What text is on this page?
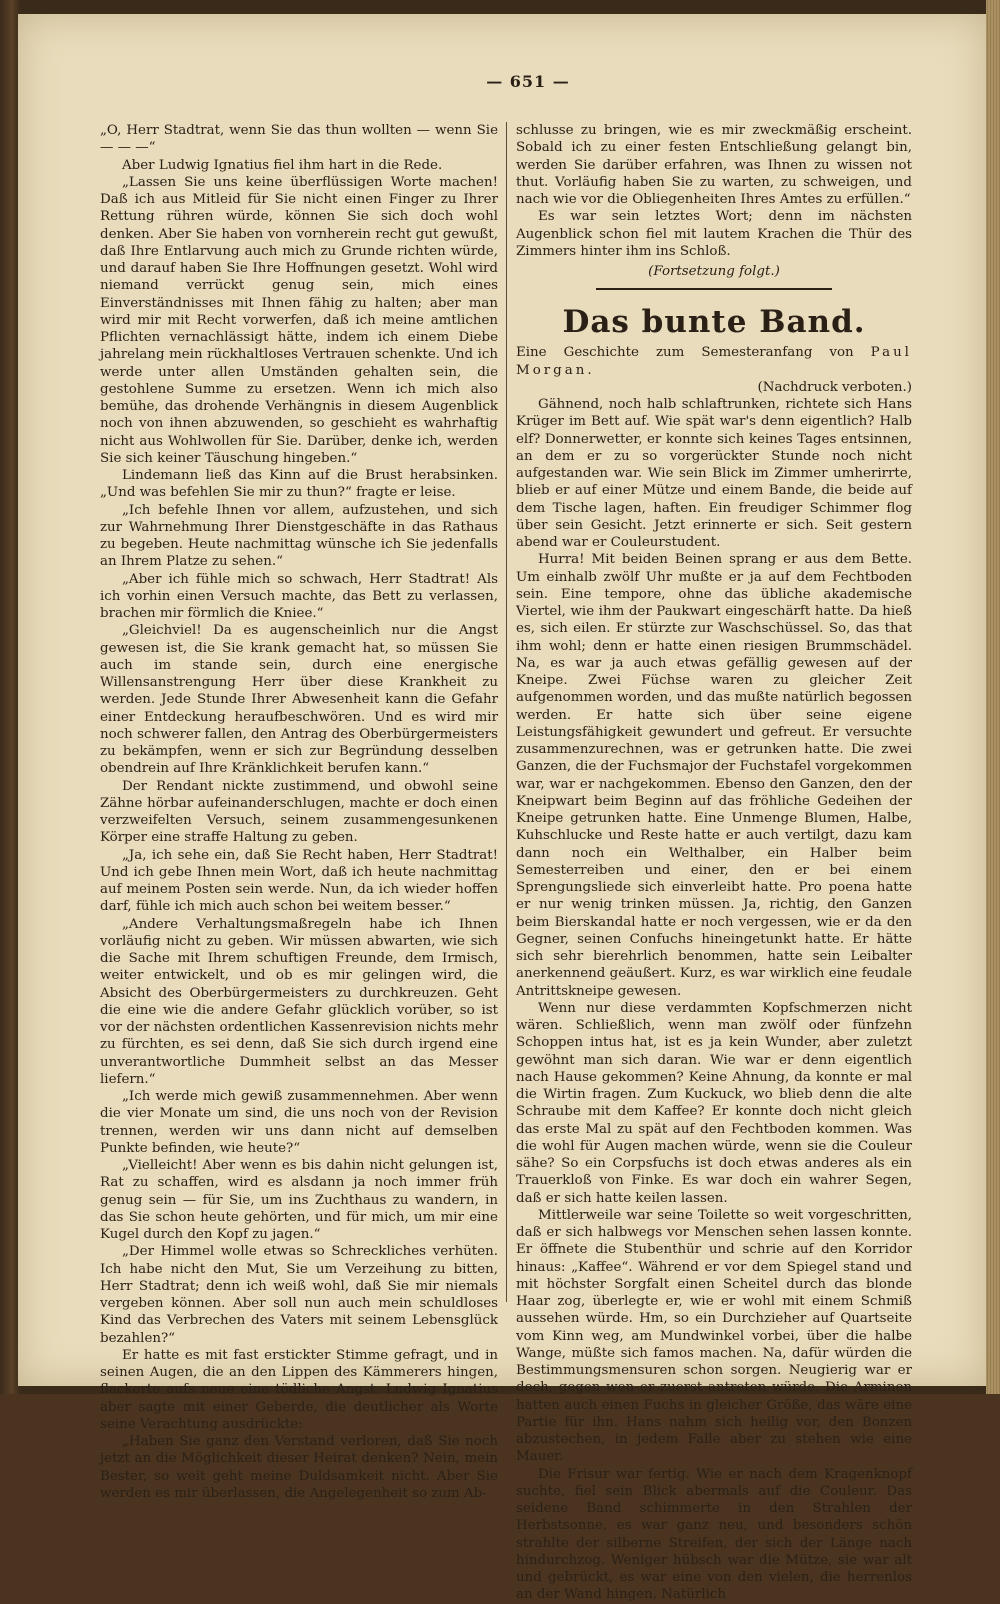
— 651 —

„O, Herr Stadtrat, wenn Sie das thun wollten — wenn Sie — — —“

Aber Ludwig Ignatius fiel ihm hart in die Rede.

„Lassen Sie uns keine überflüssigen Worte machen! Daß ich aus Mitleid für Sie nicht einen Finger zu Ihrer Rettung rühren würde, können Sie sich doch wohl denken. Aber Sie haben von vornherein recht gut gewußt, daß Ihre Entlarvung auch mich zu Grunde richten würde, und darauf haben Sie Ihre Hoffnungen gesetzt. Wohl wird niemand verrückt genug sein, mich eines Einverständnisses mit Ihnen fähig zu halten; aber man wird mir mit Recht vorwerfen, daß ich meine amtlichen Pflichten vernachlässigt hätte, indem ich einem Diebe jahrelang mein rückhaltloses Vertrauen schenkte. Und ich werde unter allen Umständen gehalten sein, die gestohlene Summe zu ersetzen. Wenn ich mich also bemühe, das drohende Verhängnis in diesem Augenblick noch von ihnen abzuwenden, so geschieht es wahrhaftig nicht aus Wohlwollen für Sie. Darüber, denke ich, werden Sie sich keiner Täuschung hingeben.“

Lindemann ließ das Kinn auf die Brust herabsinken. „Und was befehlen Sie mir zu thun?“ fragte er leise.

„Ich befehle Ihnen vor allem, aufzustehen, und sich zur Wahrnehmung Ihrer Dienstgeschäfte in das Rathaus zu begeben. Heute nachmittag wünsche ich Sie jedenfalls an Ihrem Platze zu sehen.“

„Aber ich fühle mich so schwach, Herr Stadtrat! Als ich vorhin einen Versuch machte, das Bett zu verlassen, brachen mir förmlich die Kniee.“

„Gleichviel! Da es augenscheinlich nur die Angst gewesen ist, die Sie krank gemacht hat, so müssen Sie auch im stande sein, durch eine energische Willensanstrengung Herr über diese Krankheit zu werden. Jede Stunde Ihrer Abwesenheit kann die Gefahr einer Entdeckung heraufbeschwören. Und es wird mir noch schwerer fallen, den Antrag des Oberbürgermeisters zu bekämpfen, wenn er sich zur Begründung desselben obendrein auf Ihre Kränklichkeit berufen kann.“

Der Rendant nickte zustimmend, und obwohl seine Zähne hörbar aufeinanderschlugen, machte er doch einen verzweifelten Versuch, seinem zusammengesunkenen Körper eine straffe Haltung zu geben.

„Ja, ich sehe ein, daß Sie Recht haben, Herr Stadtrat! Und ich gebe Ihnen mein Wort, daß ich heute nachmittag auf meinem Posten sein werde. Nun, da ich wieder hoffen darf, fühle ich mich auch schon bei weitem besser.“

„Andere Verhaltungsmaßregeln habe ich Ihnen vorläufig nicht zu geben. Wir müssen abwarten, wie sich die Sache mit Ihrem schuftigen Freunde, dem Irmisch, weiter entwickelt, und ob es mir gelingen wird, die Absicht des Oberbürgermeisters zu durchkreuzen. Geht die eine wie die andere Gefahr glücklich vorüber, so ist vor der nächsten ordentlichen Kassenrevision nichts mehr zu fürchten, es sei denn, daß Sie sich durch irgend eine unverantwortliche Dummheit selbst an das Messer liefern.“

„Ich werde mich gewiß zusammennehmen. Aber wenn die vier Monate um sind, die uns noch von der Revision trennen, werden wir uns dann nicht auf demselben Punkte befinden, wie heute?“

„Vielleicht! Aber wenn es bis dahin nicht gelungen ist, Rat zu schaffen, wird es alsdann ja noch immer früh genug sein — für Sie, um ins Zuchthaus zu wandern, in das Sie schon heute gehörten, und für mich, um mir eine Kugel durch den Kopf zu jagen.“

„Der Himmel wolle etwas so Schreckliches verhüten. Ich habe nicht den Mut, Sie um Verzeihung zu bitten, Herr Stadtrat; denn ich weiß wohl, daß Sie mir niemals vergeben können. Aber soll nun auch mein schuldloses Kind das Verbrechen des Vaters mit seinem Lebensglück bezahlen?“

Er hatte es mit fast erstickter Stimme gefragt, und in seinen Augen, die an den Lippen des Kämmerers hingen, flackerte aufs neue eine tödliche Angst. Ludwig Ignatius aber sagte mit einer Geberde, die deutlicher als Worte seine Verachtung ausdrückte:

„Haben Sie ganz den Verstand verloren, daß Sie noch jetzt an die Möglichkeit dieser Heirat denken? Nein, mein Bester, so weit geht meine Duldsamkeit nicht. Aber Sie werden es mir überlassen, die Angelegenheit so zum Ab-

schlusse zu bringen, wie es mir zweckmäßig erscheint. Sobald ich zu einer festen Entschließung gelangt bin, werden Sie darüber erfahren, was Ihnen zu wissen not thut. Vorläufig haben Sie zu warten, zu schweigen, und nach wie vor die Obliegenheiten Ihres Amtes zu erfüllen.“

Es war sein letztes Wort; denn im nächsten Augenblick schon fiel mit lautem Krachen die Thür des Zimmers hinter ihm ins Schloß.

(Fortsetzung folgt.)

Das bunte Band.

Eine Geschichte zum Semesteranfang von Paul Morgan.

(Nachdruck verboten.)

Gähnend, noch halb schlaftrunken, richtete sich Hans Krüger im Bett auf. Wie spät war's denn eigentlich? Halb elf? Donnerwetter, er konnte sich keines Tages entsinnen, an dem er zu so vorgerückter Stunde noch nicht aufgestanden war. Wie sein Blick im Zimmer umherirrte, blieb er auf einer Mütze und einem Bande, die beide auf dem Tische lagen, haften. Ein freudiger Schimmer flog über sein Gesicht. Jetzt erinnerte er sich. Seit gestern abend war er Couleurstudent.

Hurra! Mit beiden Beinen sprang er aus dem Bette. Um einhalb zwölf Uhr mußte er ja auf dem Fechtboden sein. Eine tempore, ohne das übliche akademische Viertel, wie ihm der Paukwart eingeschärft hatte. Da hieß es, sich eilen. Er stürzte zur Waschschüssel. So, das that ihm wohl; denn er hatte einen riesigen Brummschädel. Na, es war ja auch etwas gefällig gewesen auf der Kneipe. Zwei Füchse waren zu gleicher Zeit aufgenommen worden, und das mußte natürlich begossen werden. Er hatte sich über seine eigene Leistungsfähigkeit gewundert und gefreut. Er versuchte zusammenzurechnen, was er getrunken hatte. Die zwei Ganzen, die der Fuchsmajor der Fuchstafel vorgekommen war, war er nachgekommen. Ebenso den Ganzen, den der Kneipwart beim Beginn auf das fröhliche Gedeihen der Kneipe getrunken hatte. Eine Unmenge Blumen, Halbe, Kuhschlucke und Reste hatte er auch vertilgt, dazu kam dann noch ein Welthalber, ein Halber beim Semesterreiben und einer, den er bei einem Sprengungsliede sich einverleibt hatte. Pro poena hatte er nur wenig trinken müssen. Ja, richtig, den Ganzen beim Bierskandal hatte er noch vergessen, wie er da den Gegner, seinen Confuchs hineingetunkt hatte. Er hätte sich sehr bierehrlich benommen, hatte sein Leibalter anerkennend geäußert. Kurz, es war wirklich eine feudale Antrittskneipe gewesen.

Wenn nur diese verdammten Kopfschmerzen nicht wären. Schließlich, wenn man zwölf oder fünfzehn Schoppen intus hat, ist es ja kein Wunder, aber zuletzt gewöhnt man sich daran. Wie war er denn eigentlich nach Hause gekommen? Keine Ahnung, da konnte er mal die Wirtin fragen. Zum Kuckuck, wo blieb denn die alte Schraube mit dem Kaffee? Er konnte doch nicht gleich das erste Mal zu spät auf den Fechtboden kommen. Was die wohl für Augen machen würde, wenn sie die Couleur sähe? So ein Corpsfuchs ist doch etwas anderes als ein Trauerkloß von Finke. Es war doch ein wahrer Segen, daß er sich hatte keilen lassen.

Mittlerweile war seine Toilette so weit vorgeschritten, daß er sich halbwegs vor Menschen sehen lassen konnte. Er öffnete die Stubenthür und schrie auf den Korridor hinaus: „Kaffee“. Während er vor dem Spiegel stand und mit höchster Sorgfalt einen Scheitel durch das blonde Haar zog, überlegte er, wie er wohl mit einem Schmiß aussehen würde. Hm, so ein Durchzieher auf Quartseite vom Kinn weg, am Mundwinkel vorbei, über die halbe Wange, müßte sich famos machen. Na, dafür würden die Bestimmungsmensuren schon sorgen. Neugierig war er doch, gegen wen er zuerst antreten würde. Die Arminen hatten auch einen Fuchs in gleicher Größe, das wäre eine Partie für ihn. Hans nahm sich heilig vor, den Bonzen abzustechen, in jedem Falle aber zu stehen wie eine Mauer.

Die Frisur war fertig. Wie er nach dem Kragenknopf suchte, fiel sein Blick abermals auf die Couleur. Das seidene Band schimmerte in den Strahlen der Herbstsonne, es war ganz neu, und besonders schön strahlte der silberne Streifen, der sich der Länge nach hindurchzog. Weniger hübsch war die Mütze, sie war alt und gebrückt, es war eine von den vielen, die herrenlos an der Wand hingen. Natürlich
